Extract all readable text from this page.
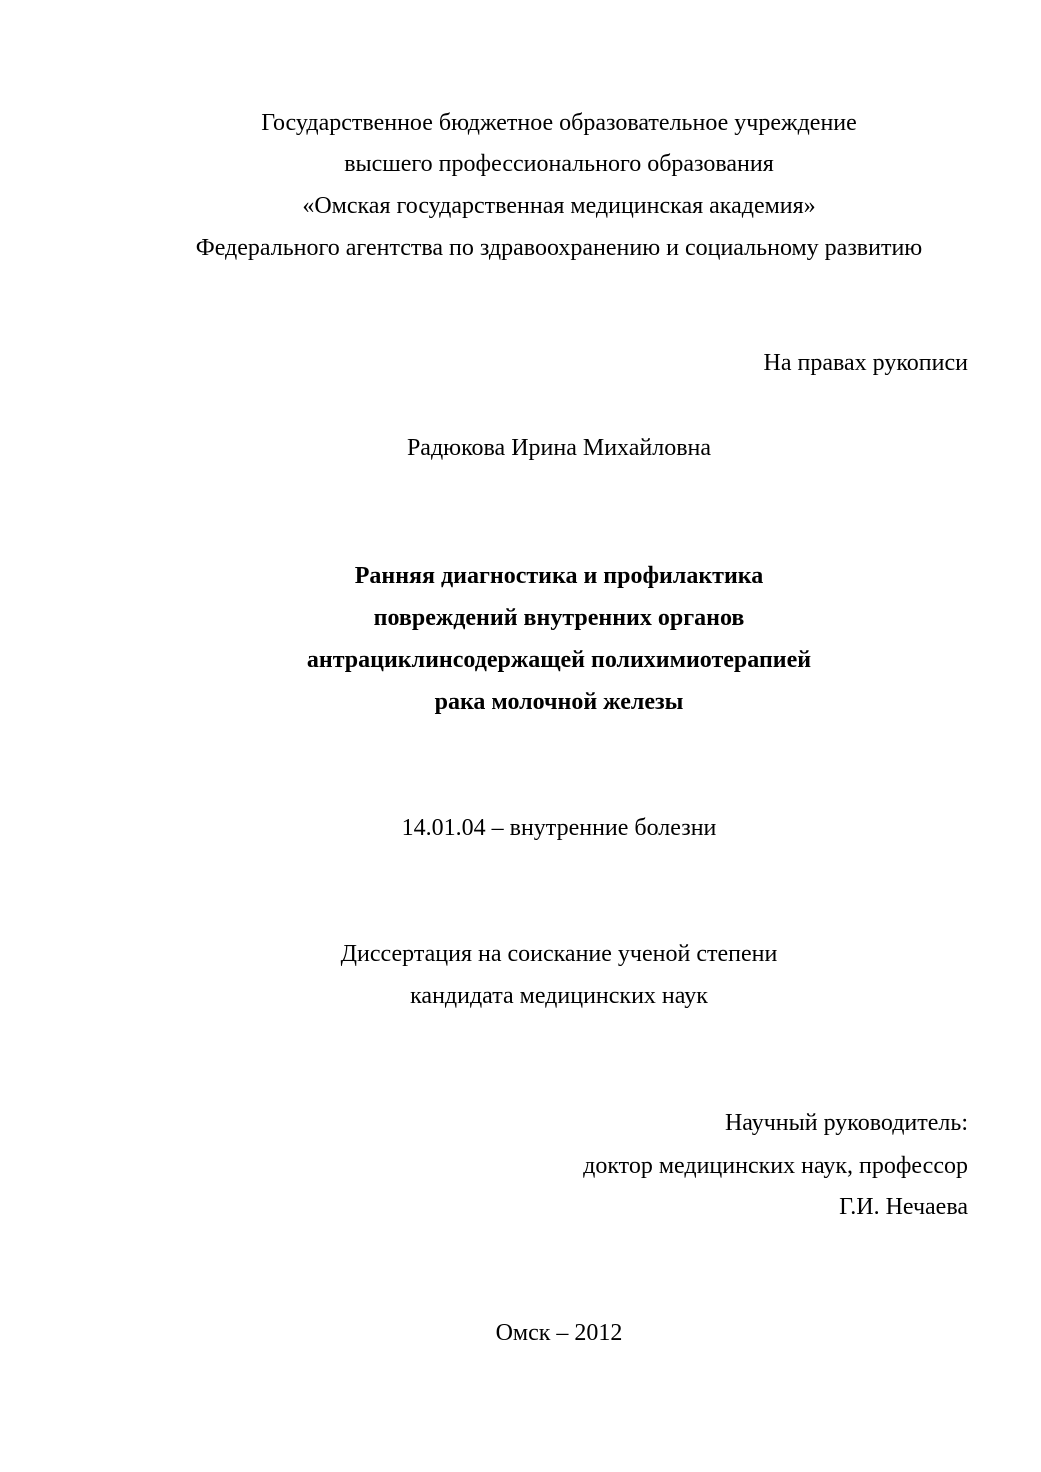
Государственное бюджетное образовательное учреждение
высшего профессионального образования
«Омская государственная медицинская академия»
Федерального агентства по здравоохранению и социальному развитию
На правах рукописи
Радюкова Ирина Михайловна
Ранняя диагностика и профилактика
повреждений внутренних органов
антрациклинсодержащей полихимиотерапией
рака молочной железы
14.01.04 – внутренние болезни
Диссертация на соискание ученой степени
кандидата медицинских наук
Научный руководитель:
доктор медицинских наук, профессор
Г.И. Нечаева
Омск – 2012
